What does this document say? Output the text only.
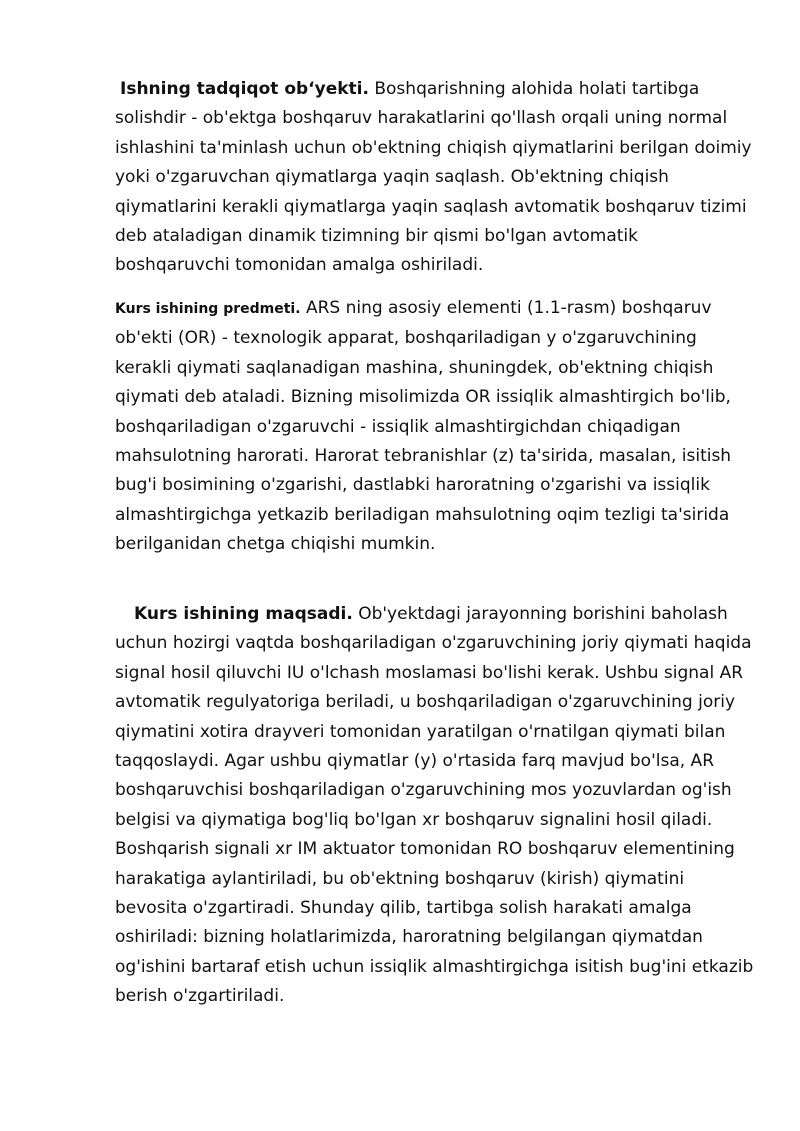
Ishning tadqiqot ob‘yekti. Boshqarishning alohida holati tartibga solishdir - ob'ektga boshqaruv harakatlarini qo'llash orqali uning normal ishlashini ta'minlash uchun ob'ektning chiqish qiymatlarini berilgan doimiy yoki o'zgaruvchan qiymatlarga yaqin saqlash. Ob'ektning chiqish qiymatlarini kerakli qiymatlarga yaqin saqlash avtomatik boshqaruv tizimi deb ataladigan dinamik tizimning bir qismi bo'lgan avtomatik boshqaruvchi tomonidan amalga oshiriladi.

Kurs ishining predmeti. ARS ning asosiy elementi (1.1-rasm) boshqaruv ob'ekti (OR) - texnologik apparat, boshqariladigan y o'zgaruvchining kerakli qiymati saqlanadigan mashina, shuningdek, ob'ektning chiqish qiymati deb ataladi. Bizning misolimizda OR issiqlik almashtirgich bo'lib, boshqariladigan o'zgaruvchi - issiqlik almashtirgichdan chiqadigan mahsulotning harorati. Harorat tebranishlar (z) ta'sirida, masalan, isitish bug'i bosimining o'zgarishi, dastlabki haroratning o'zgarishi va issiqlik almashtirgichga yetkazib beriladigan mahsulotning oqim tezligi ta'sirida berilganidan chetga chiqishi mumkin.

Kurs ishining maqsadi. Ob'yektdagi jarayonning borishini baholash uchun hozirgi vaqtda boshqariladigan o'zgaruvchining joriy qiymati haqida signal hosil qiluvchi IU o'lchash moslamasi bo'lishi kerak. Ushbu signal AR avtomatik regulyatoriga beriladi, u boshqariladigan o'zgaruvchining joriy qiymatini xotira drayveri tomonidan yaratilgan o'rnatilgan qiymati bilan taqqoslaydi. Agar ushbu qiymatlar (y) o'rtasida farq mavjud bo'lsa, AR boshqaruvchisi boshqariladigan o'zgaruvchining mos yozuvlardan og'ish belgisi va qiymatiga bog'liq bo'lgan xr boshqaruv signalini hosil qiladi. Boshqarish signali xr IM aktuator tomonidan RO boshqaruv elementining harakatiga aylantiriladi, bu ob'ektning boshqaruv (kirish) qiymatini bevosita o'zgartiradi. Shunday qilib, tartibga solish harakati amalga oshiriladi: bizning holatlarimizda, haroratning belgilangan qiymatdan og'ishini bartaraf etish uchun issiqlik almashtirgichga isitish bug'ini etkazib berish o'zgartiriladi.
